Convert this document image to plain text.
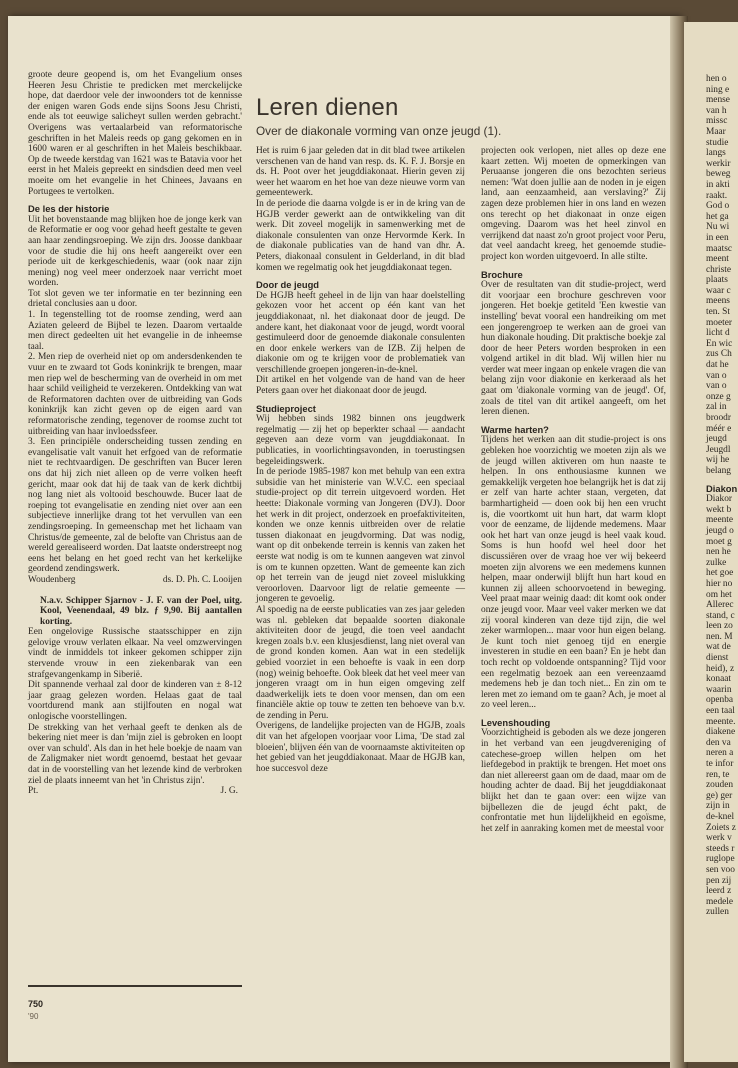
groote deure geopend is, om het Evangelium onses Heeren Jesu Christie te predicken met merckelijcke hope, dat daerdoor vele der inwoonders tot de kennisse der enigen waren Gods ende sijns Soons Jesu Christi, ende als tot eeuwige salicheyt sullen werden gebracht.' Overigens was vertaalarbeid van reformatorische geschriften in het Maleis reeds op gang gekomen en in 1600 waren er al geschriften in het Maleis beschikbaar. Op de tweede kerstdag van 1621 was te Batavia voor het eerst in het Maleis gepreekt en sindsdien deed men veel moeite om het evangelie in het Chinees, Javaans en Portugees te vertolken.

De les der historie

Uit het bovenstaande mag blijken hoe de jonge kerk van de Reformatie er oog voor gehad heeft gestalte te geven aan haar zendingsroeping. We zijn drs. Joosse dankbaar voor de studie die hij ons heeft aangereikt over een periode uit de kerkgeschiedenis, waar (ook naar zijn mening) nog veel meer onderzoek naar verricht moet worden.

Tot slot geven we ter informatie en ter bezinning een drietal conclusies aan u door.

1. In tegenstelling tot de roomse zending, werd aan Aziaten geleerd de Bijbel te lezen. Daarom vertaalde men direct gedeelten uit het evangelie in de inheemse taal.

2. Men riep de overheid niet op om andersdenkenden te vuur en te zwaard tot Gods koninkrijk te brengen, maar men riep wel de bescherming van de overheid in om met haar schild veiligheid te verzekeren. Ontdekking van wat de Reformatoren dachten over de uitbreiding van Gods koninkrijk kan zicht geven op de eigen aard van reformatorische zending, tegenover de roomse zucht tot uitbreiding van haar invloedssfeer.

3. Een principiële onderscheiding tussen zending en evangelisatie valt vanuit het erfgoed van de reformatie niet te rechtvaardigen. De geschriften van Bucer leren ons dat hij zich niet alleen op de verre volken heeft gericht, maar ook dat hij de taak van de kerk dichtbij nog lang niet als voltooid beschouwde. Bucer laat de roeping tot evangelisatie en zending niet over aan een subjectieve innerlijke drang tot het vervullen van een zendingsroeping. In gemeenschap met het lichaam van Christus/de gemeente, zal de belofte van Christus aan de wereld gerealiseerd worden. Dat laatste onderstreept nog eens het belang en het goed recht van het kerkelijke geordend zendingswerk.

Woudenberg	ds. D. Ph. C. Looijen

N.a.v. Schipper Sjarnov - J. F. van der Poel, uitg. Kool, Veenendaal, 49 blz. ƒ 9,90. Bij aantallen korting.

Een ongelovige Russische staatsschipper en zijn gelovige vrouw verlaten elkaar. Na veel omzwervingen vindt de inmiddels tot inkeer gekomen schipper zijn stervende vrouw in een ziekenbarak van een strafgevangenkamp in Siberië.

Dit spannende verhaal zal door de kinderen van ± 8-12 jaar graag gelezen worden. Helaas gaat de taal voortdurend mank aan stijlfouten en nogal wat onlogische voorstellingen.

De strekking van het verhaal geeft te denken als de bekering niet meer is dan 'mijn ziel is gebroken en loopt over van schuld'. Als dan in het hele boekje de naam van de Zaligmaker niet wordt genoemd, bestaat het gevaar dat in de voorstelling van het lezende kind de verbroken ziel de plaats inneemt van het 'in Christus zijn'.

Pt.	J. G.

750
'90
Leren dienen
Over de diakonale vorming van onze jeugd (1).

Het is ruim 6 jaar geleden dat in dit blad twee artikelen verschenen van de hand van resp. ds. K. F. J. Borsje en ds. H. Poot over het jeugddiakonaat. Hierin geven zij weer het waarom en het hoe van deze nieuwe vorm van gemeentewerk.

In de periode die daarna volgde is er in de kring van de HGJB verder gewerkt aan de ontwikkeling van dit werk. Dit zoveel mogelijk in samenwerking met de diakonale consulenten van onze Hervormde Kerk. In de diakonale publicaties van de hand van dhr. A. Peters, diakonaal consulent in Gelderland, in dit blad komen we regelmatig ook het jeugddiakonaat tegen.

Door de jeugd

De HGJB heeft geheel in de lijn van haar doelstelling gekozen voor het accent op één kant van het jeugddiakonaat, nl. het diakonaat door de jeugd. De andere kant, het diakonaat voor de jeugd, wordt vooral gestimuleerd door de genoemde diakonale consulenten en door enkele werkers van de IZB. Zij helpen de diakonie om og te krijgen voor de problematiek van verschillende groepen jongeren-in-de-knel.

Dit artikel en het volgende van de hand van de heer Peters gaan over het diakonaat door de jeugd.

Studieproject

Wij hebben sinds 1982 binnen ons jeugdwerk regelmatig — zij het op beperkter schaal — aandacht gegeven aan deze vorm van jeugddiakonaat. In publicaties, in voorlichtingsavonden, in toerustingsen begeleidingswerk.

In de periode 1985-1987 kon met behulp van een extra subsidie van het ministerie van W.V.C. een speciaal studie-project op dit terrein uitgevoerd worden. Het heette: Diakonale vorming van Jongeren (DVJ). Door het werk in dit project, onderzoek en proefaktiviteiten, konden we onze kennis uitbreiden over de relatie tussen diakonaat en jeugdvorming. Dat was nodig, want op dit onbekende terrein is kennis van zaken het eerste wat nodig is om te kunnen aangeven wat zinvol is om te kunnen opzetten. Want de gemeente kan zich op het terrein van de jeugd niet zoveel mislukking veroorloven. Daarvoor ligt de relatie gemeente — jongeren te gevoelig.

Al spoedig na de eerste publicaties van zes jaar geleden was nl. gebleken dat bepaalde soorten diakonale aktiviteiten door de jeugd, die toen veel aandacht kregen zoals b.v. een klusjesdienst, lang niet overal van de grond konden komen. Aan wat in een stedelijk gebied voorziet in een behoefte is vaak in een dorp (nog) weinig behoefte. Ook bleek dat het veel meer van jongeren vraagt om in hun eigen omgeving zelf daadwerkelijk iets te doen voor mensen, dan om een financiële aktie op touw te zetten ten behoeve van b.v. de zending in Peru.

Overigens, de landelijke projecten van de HGJB, zoals dit van het afgelopen voorjaar voor Lima, 'De stad zal bloeien', blijven één van de voornaamste aktiviteiten op het gebied van het jeugddiakonaat. Maar de HGJB kan, hoe succesvol deze

projecten ook verlopen, niet alles op deze ene kaart zetten. Wij moeten de opmerkingen van Peruaanse jongeren die ons bezochten serieus nemen: 'Wat doen jullie aan de noden in je eigen land, aan eenzaamheid, aan verslaving?' Zij zagen deze problemen hier in ons land en wezen ons terecht op het diakonaat in onze eigen omgeving. Daarom was het heel zinvol en verrijkend dat naast zo'n groot project voor Peru, dat veel aandacht kreeg, het genoemde studie-project kon worden uitgevoerd. In alle stilte.

Brochure

Over de resultaten van dit studie-project, werd dit voorjaar een brochure geschreven voor jongeren. Het boekje getiteld 'Een kwestie van instelling' bevat vooral een handreiking om met een jongerengroep te werken aan de groei van hun diakonale houding. Dit praktische boekje zal door de heer Peters worden besproken in een volgend artikel in dit blad. Wij willen hier nu verder wat meer ingaan op enkele vragen die van belang zijn voor diakonie en kerkeraad als het gaat om 'diakonale vorming van de jeugd'. Of, zoals de titel van dit artikel aangeeft, om het leren dienen.

Warme harten?

Tijdens het werken aan dit studie-project is ons gebleken hoe voorzichtig we moeten zijn als we de jeugd willen aktiveren om hun naaste te helpen. In ons enthousiasme kunnen we gemakkelijk vergeten hoe belangrijk het is dat zij er zelf van harte achter staan, vergeten, dat barmhartigheid — doen ook bij hen een vrucht is, die voortkomt uit hun hart, dat warm klopt voor de eenzame, de lijdende medemens. Maar ook het hart van onze jeugd is heel vaak koud. Soms is hun hoofd wel heel door het discussiëren over de vraag hoe ver wij bekeerd moeten zijn alvorens we een medemens kunnen helpen, maar onderwijl blijft hun hart koud en kunnen zij alleen schoorvoetend in beweging. Veel praat maar weinig daad: dit komt ook onder onze jeugd voor. Maar veel vaker merken we dat zij vooral kinderen van deze tijd zijn, die wel zeker warmlopen... maar voor hun eigen belang. Je kunt toch niet genoeg tijd en energie investeren in studie en een baan? En je hebt dan toch recht op voldoende ontspanning? Tijd voor een regelmatig bezoek aan een vereenzaamd medemens heb je dan toch niet... En zin om te leren met zo iemand om te gaan? Ach, je moet al zo veel leren...

Levenshouding

Voorzichtigheid is geboden als we deze jongeren in het verband van een jeugdvereniging of catechese-groep willen helpen om het liefdegebod in praktijk te brengen. Het moet ons dan niet allereerst gaan om de daad, maar om de houding achter de daad. Bij het jeugddiakonaat blijkt het dan te gaan over: een wijze van bijbellezen die de jeugd écht pakt, de confrontatie met hun lijdelijkheid en egoïsme, het zelf in aanraking komen met de meestal voor

hen o
ning e
mense
van h
missc
Maar
studie
langs
werkir
beweg
in akti
raakt.
God o
het ga
Nu wi
in een
maatsc
meent
christe
plaats
waar c
meens
ten. St
moeter
licht d
En wic
zus Ch
dat he
van o
van o
onze g
zal in
broodr
méér e
jeugd
Jeugdl
wij he
belang

Diakon

Diakor
wekt b
meente
jeugd o
moet g
nen he
zulke
het goe
hier no
om het
Allerec
stand, c
leen zo
nen. M
wat de
dienst
heid), z
konaat
waarin
openba
een taal
meente.
diakene
den va
neren a
te infor
ren, te
zouden
ge) ger
zijn in
de-knel
Zoiets z
werk v
steeds r
ruglope
sen voo
pen zij
leerd z
medele
zullen
